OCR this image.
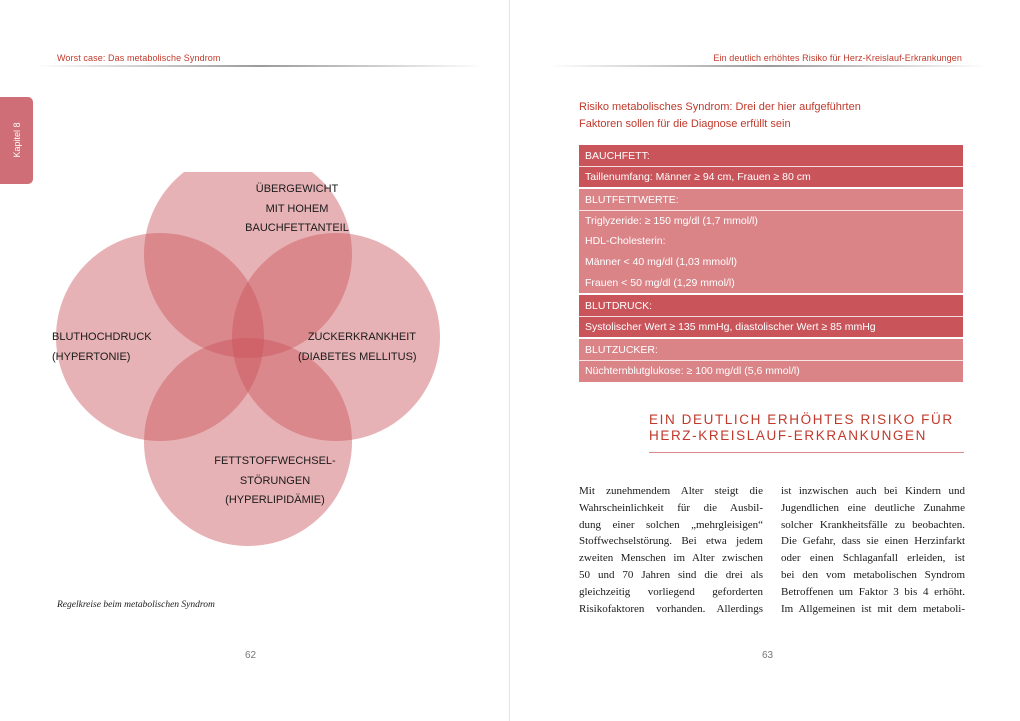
Worst case: Das metabolische Syndrom
Kapitel 8
ÜBERGEWICHT
MIT HOHEM
BAUCHFETTANTEIL
BLUTHOCHDRUCK
(HYPERTONIE)
ZUCKERKRANKHEIT
(DIABETES MELLITUS)
FETTSTOFFWECHSEL-
STÖRUNGEN
(HYPERLIPIDÄMIE)
Regelkreise beim metabolischen Syndrom
62
Ein deutlich erhöhtes Risiko für Herz-Kreislauf-Erkrankungen
Risiko metabolisches Syndrom: Drei der hier aufgeführten
Faktoren sollen für die Diagnose erfüllt sein
BAUCHFETT:
Taillenumfang: Männer ≥ 94 cm, Frauen ≥ 80 cm
BLUTFETTWERTE:
Triglyzeride: ≥ 150 mg/dl (1,7 mmol/l)
HDL-Cholesterin:
Männer < 40 mg/dl (1,03 mmol/l)
Frauen < 50 mg/dl (1,29 mmol/l)
BLUTDRUCK:
Systolischer Wert ≥ 135 mmHg, diastolischer Wert ≥ 85 mmHg
BLUTZUCKER:
Nüchternblutglukose: ≥ 100 mg/dl (5,6 mmol/l)
EIN DEUTLICH ERHÖHTES RISIKO FÜR
HERZ-KREISLAUF-ERKRANKUNGEN
Mit zunehmendem Alter steigt die
Wahrscheinlichkeit für die Ausbil-
dung einer solchen „mehrgleisigen“
Stoffwechselstörung. Bei etwa jedem
zweiten Menschen im Alter zwischen
50 und 70 Jahren sind die drei als
gleichzeitig vorliegend geforderten
Risikofaktoren vorhanden. Allerdings
ist inzwischen auch bei Kindern und
Jugendlichen eine deutliche Zunahme
solcher Krankheitsfälle zu beobachten.
Die Gefahr, dass sie einen Herzinfarkt
oder einen Schlaganfall erleiden, ist
bei den vom metabolischen Syndrom
Betroffenen um Faktor 3 bis 4 erhöht.
Im Allgemeinen ist mit dem metaboli-
63
